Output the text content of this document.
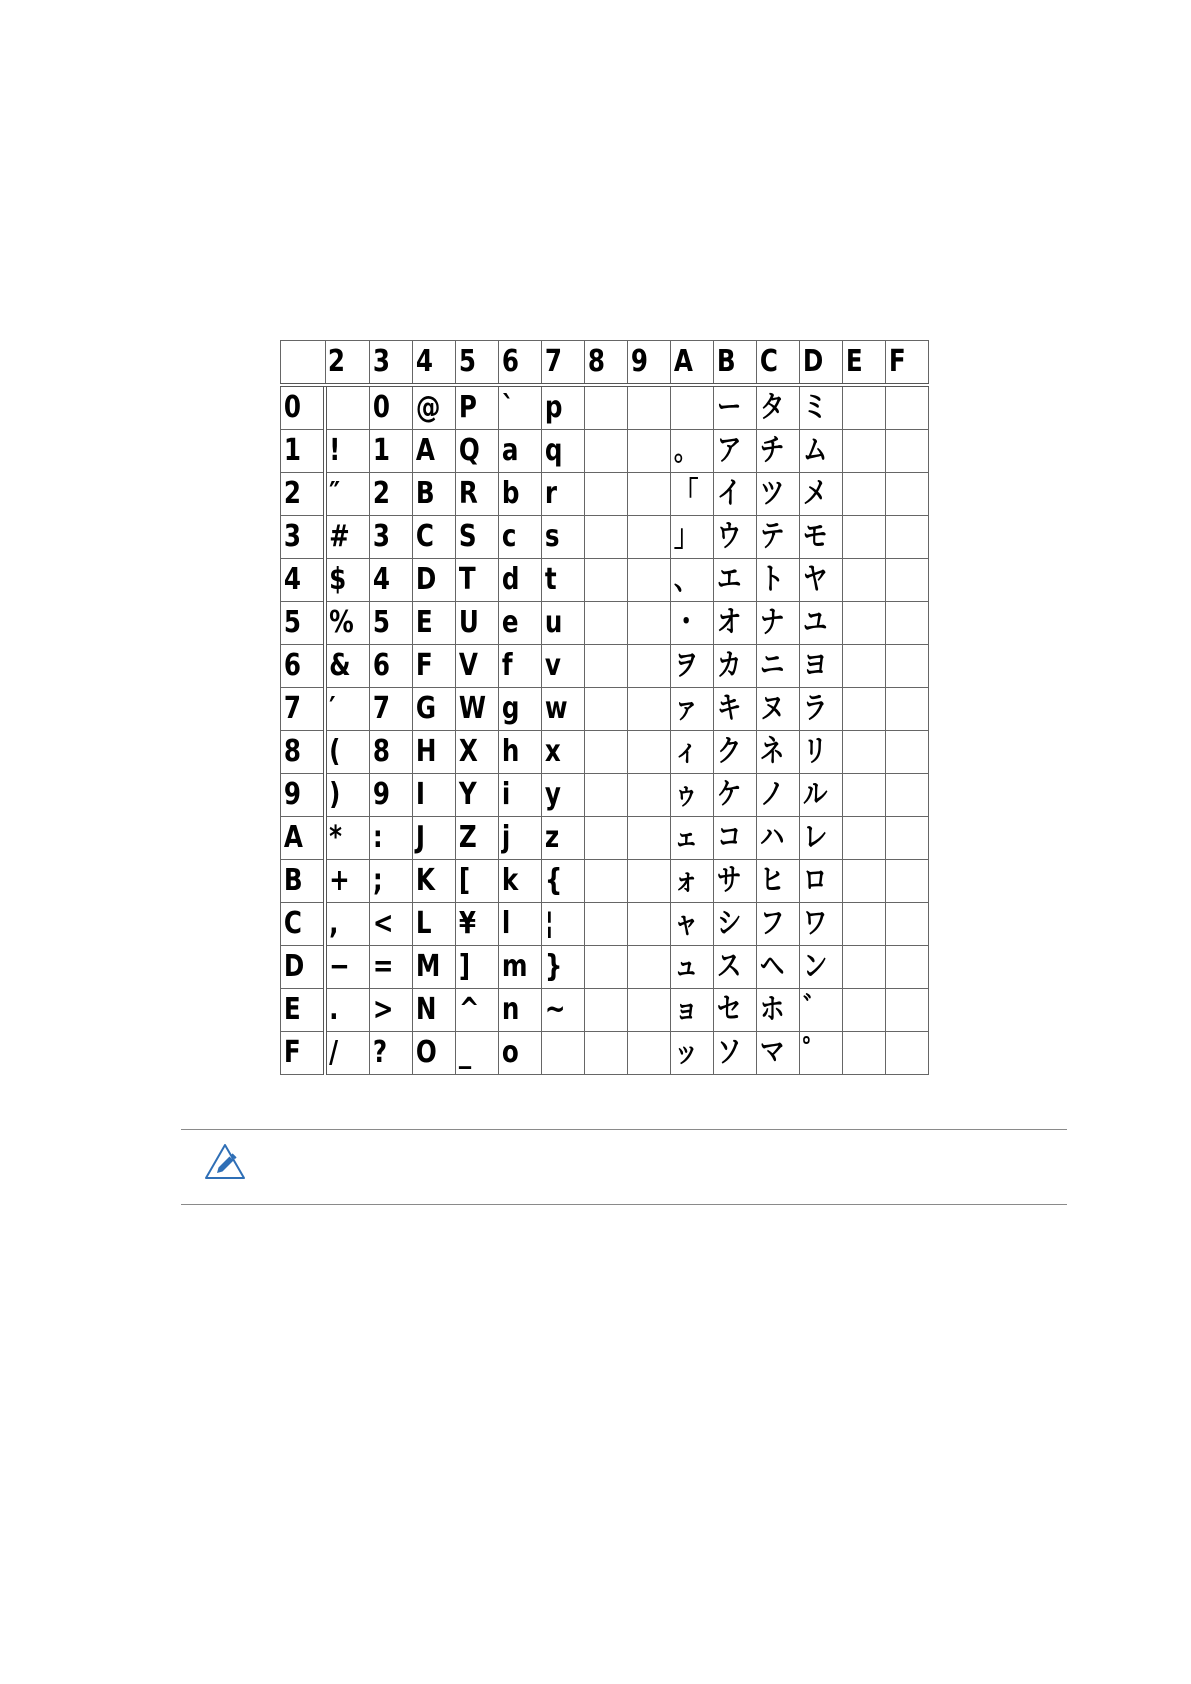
	2	3	4	5	6	7	8	9	A	B	C	D	E	F
0		0	@	P	`	p				ー	タ	ミ		
1	!	1	A	Q	a	q			。	ア	チ	ム		
2	″	2	B	R	b	r			「	イ	ツ	メ		
3	#	3	C	S	c	s			」	ウ	テ	モ		
4	$	4	D	T	d	t			、	エ	ト	ヤ		
5	%	5	E	U	e	u			・	オ	ナ	ユ		
6	&	6	F	V	f	v			ヲ	カ	ニ	ヨ		
7	′	7	G	W	g	w			ァ	キ	ヌ	ラ		
8	(	8	H	X	h	x			ィ	ク	ネ	リ		
9	)	9	I	Y	i	y			ゥ	ケ	ノ	ル		
A	*	:	J	Z	j	z			ェ	コ	ハ	レ		
B	+	;	K	[	k	{			ォ	サ	ヒ	ロ		
C	,	<	L	¥	l	¦			ャ	シ	フ	ワ		
D	−	=	M	]	m	}			ュ	ス	ヘ	ン		
E	.	>	N	^	n	~			ョ	セ	ホ	゛		
F	/	?	O	_	o				ッ	ソ	マ	゜		
